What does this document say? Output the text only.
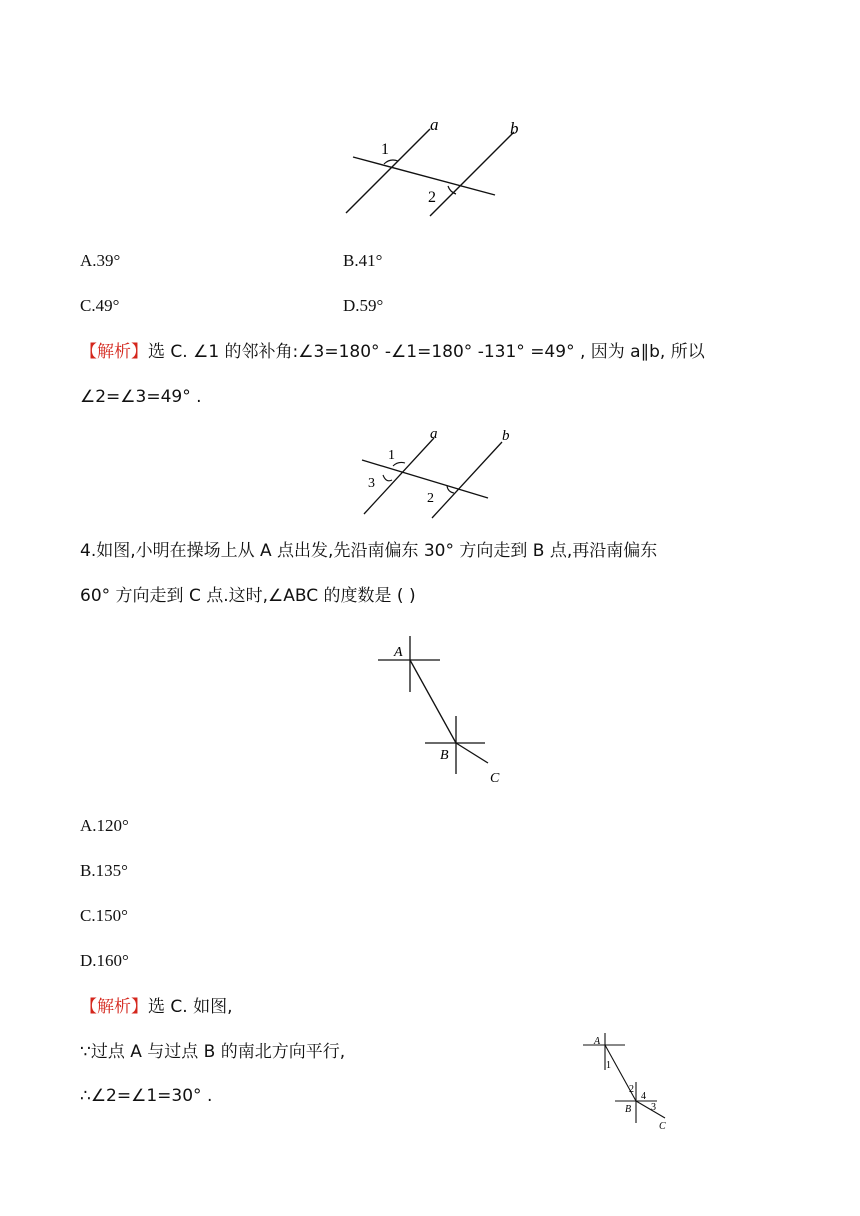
a	b
1
2
A.39°	B.41°
C.49°	D.59°
【解析】选 C. ∠1 的邻补角:∠3=180° -∠1=180° -131° =49° , 因为 a∥b, 所以
∠2=∠3=49° .
a	b
1
3
2
4.如图,小明在操场上从 A 点出发,先沿南偏东 30° 方向走到 B 点,再沿南偏东
60° 方向走到 C 点.这时,∠ABC 的度数是 ( )
A
B
C
A.120°
B.135°
C.150°
D.160°
【解析】选 C. 如图,
∵过点 A 与过点 B 的南北方向平行,
∴∠2=∠1=30° .
A
1
2
4
3
B
C
